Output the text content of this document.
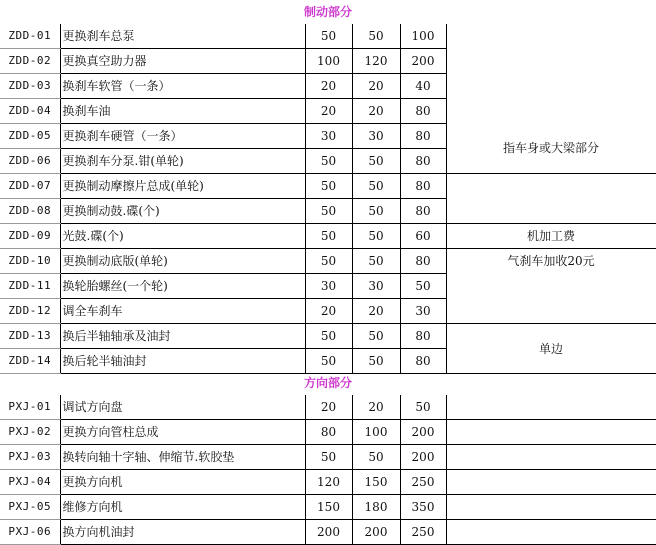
制动部分
ZDD-01	更换刹车总泵	50	50	100	
ZDD-02	更换真空助力器	100	120	200	
ZDD-03	换刹车软管（一条）	20	20	40	
ZDD-04	换刹车油	20	20	80	
ZDD-05	更换刹车硬管（一条）	30	30	80	指车身或大梁部分
ZDD-06	更换刹车分泵.钳(单轮)	50	50	80	
ZDD-07	更换制动摩擦片总成(单轮)	50	50	80	
ZDD-08	更换制动鼓.碟(个)	50	50	80	
ZDD-09	光鼓.碟(个)	50	50	60	机加工费
ZDD-10	更换制动底版(单轮)	50	50	80	气刹车加收20元
ZDD-11	换轮胎螺丝(一个轮)	30	30	50	
ZDD-12	调全车刹车	20	20	30	
ZDD-13	换后半轴轴承及油封	50	50	80	单边
ZDD-14	换后轮半轴油封	50	50	80	
方向部分
PXJ-01	调试方向盘	20	20	50	
PXJ-02	更换方向管柱总成	80	100	200	
PXJ-03	换转向轴十字轴、伸缩节.软胶垫	50	50	200	
PXJ-04	更换方向机	120	150	250	
PXJ-05	维修方向机	150	180	350	
PXJ-06	换方向机油封	200	200	250	
